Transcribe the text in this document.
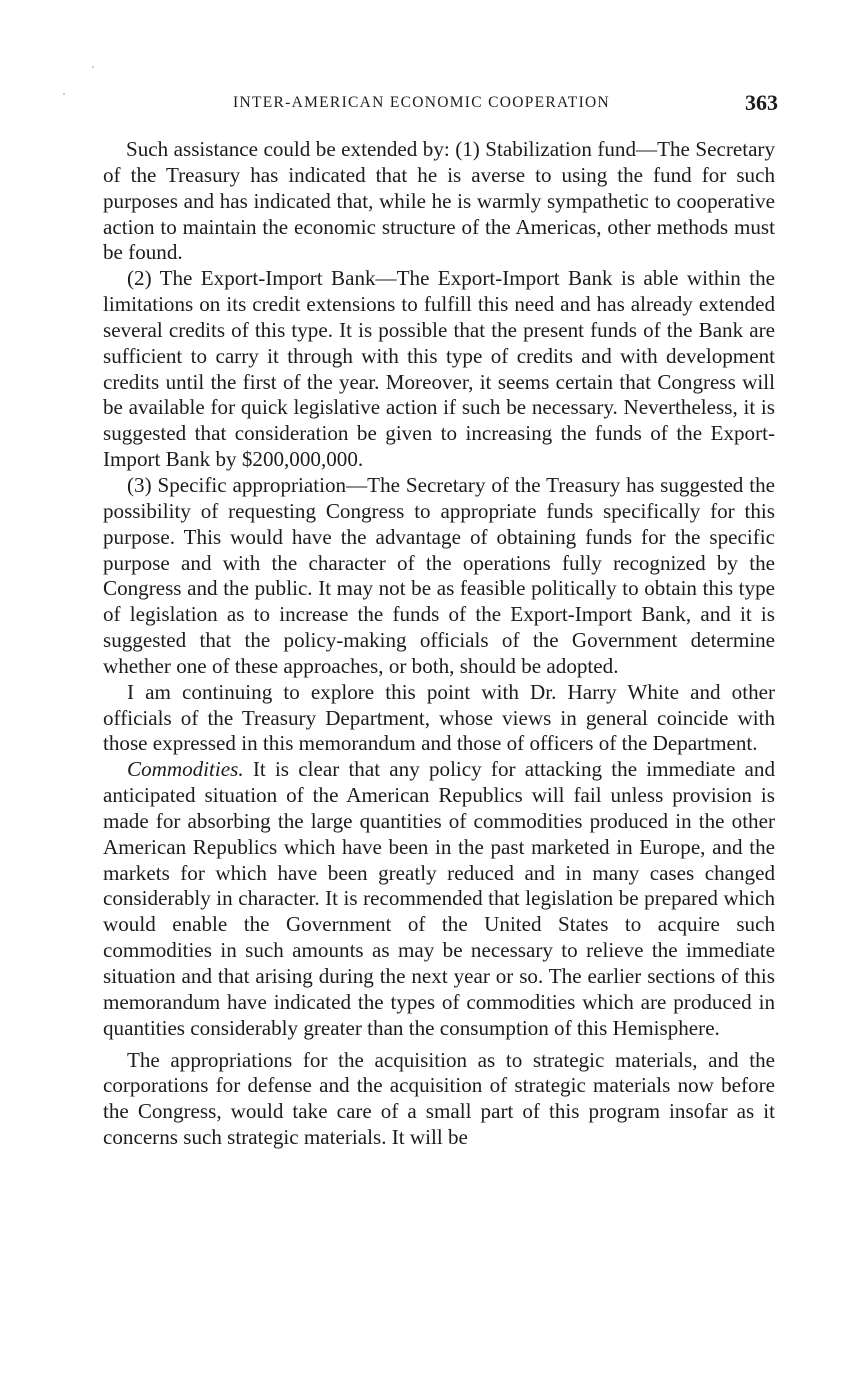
INTER-AMERICAN ECONOMIC COOPERATION	363

Such assistance could be extended by: (1) Stabilization fund—The Secretary of the Treasury has indicated that he is averse to using the fund for such purposes and has indicated that, while he is warmly sympathetic to cooperative action to maintain the economic structure of the Americas, other methods must be found.

(2) The Export-Import Bank—The Export-Import Bank is able within the limitations on its credit extensions to fulfill this need and has already extended several credits of this type. It is possible that the present funds of the Bank are sufficient to carry it through with this type of credits and with development credits until the first of the year. Moreover, it seems certain that Congress will be available for quick legislative action if such be necessary. Nevertheless, it is suggested that consideration be given to increasing the funds of the Export-Import Bank by $200,000,000.

(3) Specific appropriation—The Secretary of the Treasury has suggested the possibility of requesting Congress to appropriate funds specifically for this purpose. This would have the advantage of obtaining funds for the specific purpose and with the character of the operations fully recognized by the Congress and the public. It may not be as feasible politically to obtain this type of legislation as to increase the funds of the Export-Import Bank, and it is suggested that the policy-making officials of the Government determine whether one of these approaches, or both, should be adopted.

I am continuing to explore this point with Dr. Harry White and other officials of the Treasury Department, whose views in general coincide with those expressed in this memorandum and those of officers of the Department.

Commodities. It is clear that any policy for attacking the immediate and anticipated situation of the American Republics will fail unless provision is made for absorbing the large quantities of commodities produced in the other American Republics which have been in the past marketed in Europe, and the markets for which have been greatly reduced and in many cases changed considerably in character. It is recommended that legislation be prepared which would enable the Government of the United States to acquire such commodities in such amounts as may be necessary to relieve the immediate situation and that arising during the next year or so. The earlier sections of this memorandum have indicated the types of commodities which are produced in quantities considerably greater than the consumption of this Hemisphere.

The appropriations for the acquisition as to strategic materials, and the corporations for defense and the acquisition of strategic materials now before the Congress, would take care of a small part of this program insofar as it concerns such strategic materials. It will be
